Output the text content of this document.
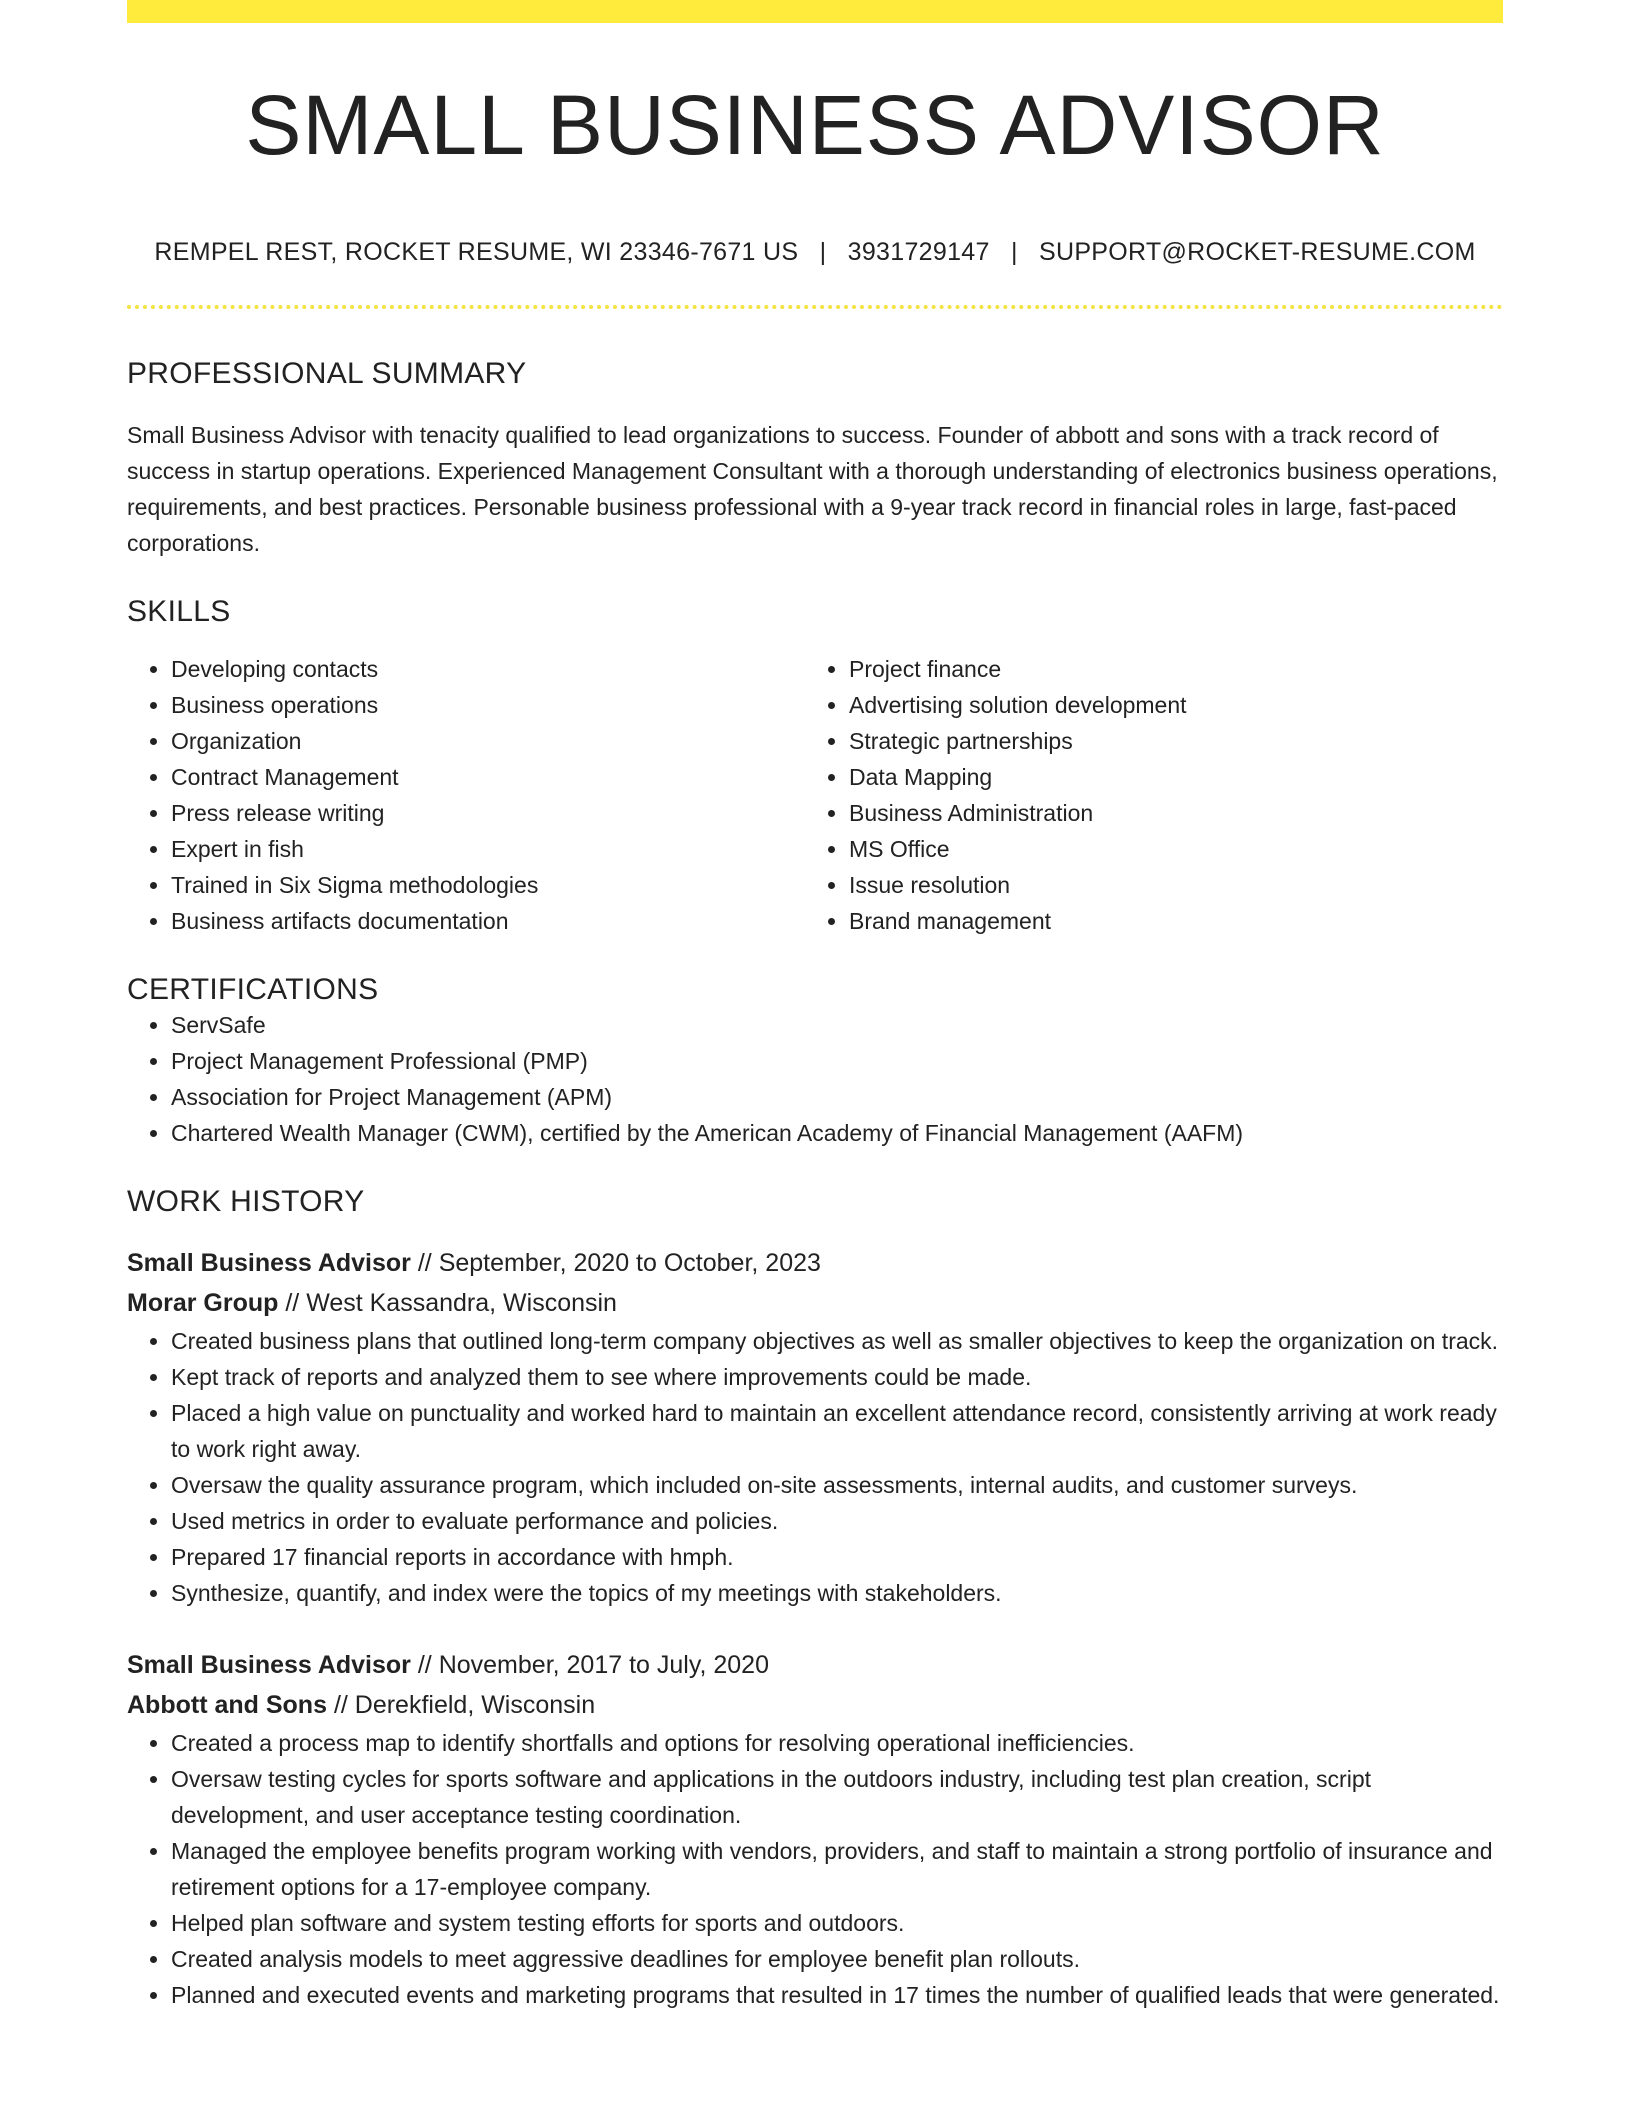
SMALL BUSINESS ADVISOR
REMPEL REST, ROCKET RESUME, WI 23346-7671 US | 3931729147 | SUPPORT@ROCKET-RESUME.COM
PROFESSIONAL SUMMARY

Small Business Advisor with tenacity qualified to lead organizations to success. Founder of abbott and sons with a track record of success in startup operations. Experienced Management Consultant with a thorough understanding of electronics business operations, requirements, and best practices. Personable business professional with a 9-year track record in financial roles in large, fast-paced corporations.

SKILLS
• Developing contacts
• Business operations
• Organization
• Contract Management
• Press release writing
• Expert in fish
• Trained in Six Sigma methodologies
• Business artifacts documentation
• Project finance
• Advertising solution development
• Strategic partnerships
• Data Mapping
• Business Administration
• MS Office
• Issue resolution
• Brand management
CERTIFICATIONS
• ServSafe
• Project Management Professional (PMP)
• Association for Project Management (APM)
• Chartered Wealth Manager (CWM), certified by the American Academy of Financial Management (AAFM)
WORK HISTORY
Small Business Advisor // September, 2020 to October, 2023
Morar Group // West Kassandra, Wisconsin
• Created business plans that outlined long-term company objectives as well as smaller objectives to keep the organization on track.
• Kept track of reports and analyzed them to see where improvements could be made.
• Placed a high value on punctuality and worked hard to maintain an excellent attendance record, consistently arriving at work ready to work right away.
• Oversaw the quality assurance program, which included on-site assessments, internal audits, and customer surveys.
• Used metrics in order to evaluate performance and policies.
• Prepared 17 financial reports in accordance with hmph.
• Synthesize, quantify, and index were the topics of my meetings with stakeholders.
Small Business Advisor // November, 2017 to July, 2020
Abbott and Sons // Derekfield, Wisconsin
• Created a process map to identify shortfalls and options for resolving operational inefficiencies.
• Oversaw testing cycles for sports software and applications in the outdoors industry, including test plan creation, script development, and user acceptance testing coordination.
• Managed the employee benefits program working with vendors, providers, and staff to maintain a strong portfolio of insurance and retirement options for a 17-employee company.
• Helped plan software and system testing efforts for sports and outdoors.
• Created analysis models to meet aggressive deadlines for employee benefit plan rollouts.
• Planned and executed events and marketing programs that resulted in 17 times the number of qualified leads that were generated.
